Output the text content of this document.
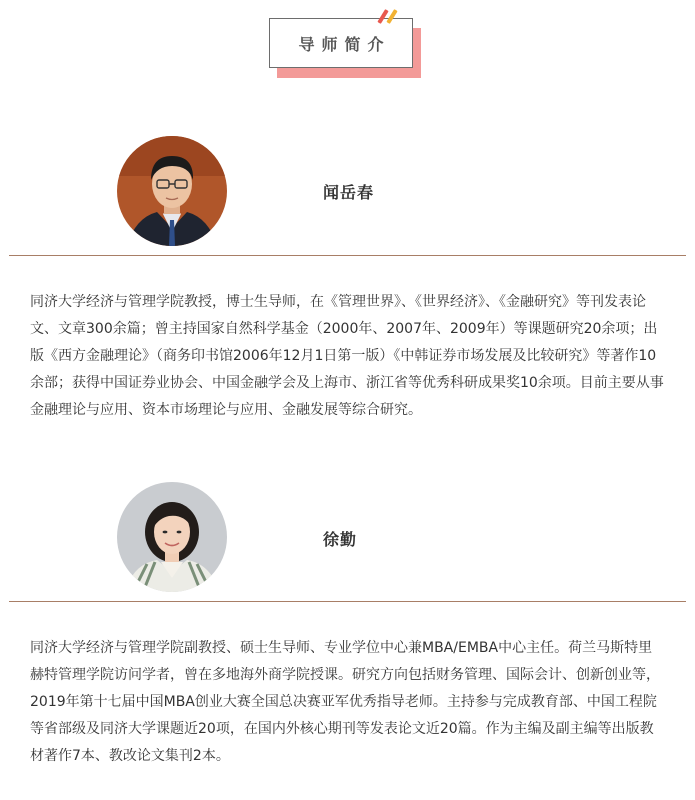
导师简介
闻岳春

同济大学经济与管理学院教授，博士生导师，在《管理世界》、《世界经济》、《金融研究》等刊发表论文、文章300余篇；曾主持国家自然科学基金（2000年、2007年、2009年）等课题研究20余项；出版《西方金融理论》（商务印书馆2006年12月1日第一版）《中韩证券市场发展及比较研究》等著作10余部；获得中国证券业协会、中国金融学会及上海市、浙江省等优秀科研成果奖10余项。目前主要从事金融理论与应用、资本市场理论与应用、金融发展等综合研究。

徐勤

同济大学经济与管理学院副教授、硕士生导师、专业学位中心兼MBA/EMBA中心主任。荷兰马斯特里赫特管理学院访问学者，曾在多地海外商学院授课。研究方向包括财务管理、国际会计、创新创业等，2019年第十七届中国MBA创业大赛全国总决赛亚军优秀指导老师。主持参与完成教育部、中国工程院等省部级及同济大学课题近20项，在国内外核心期刊等发表论文近20篇。作为主编及副主编等出版教材著作7本、教改论文集刊2本。
